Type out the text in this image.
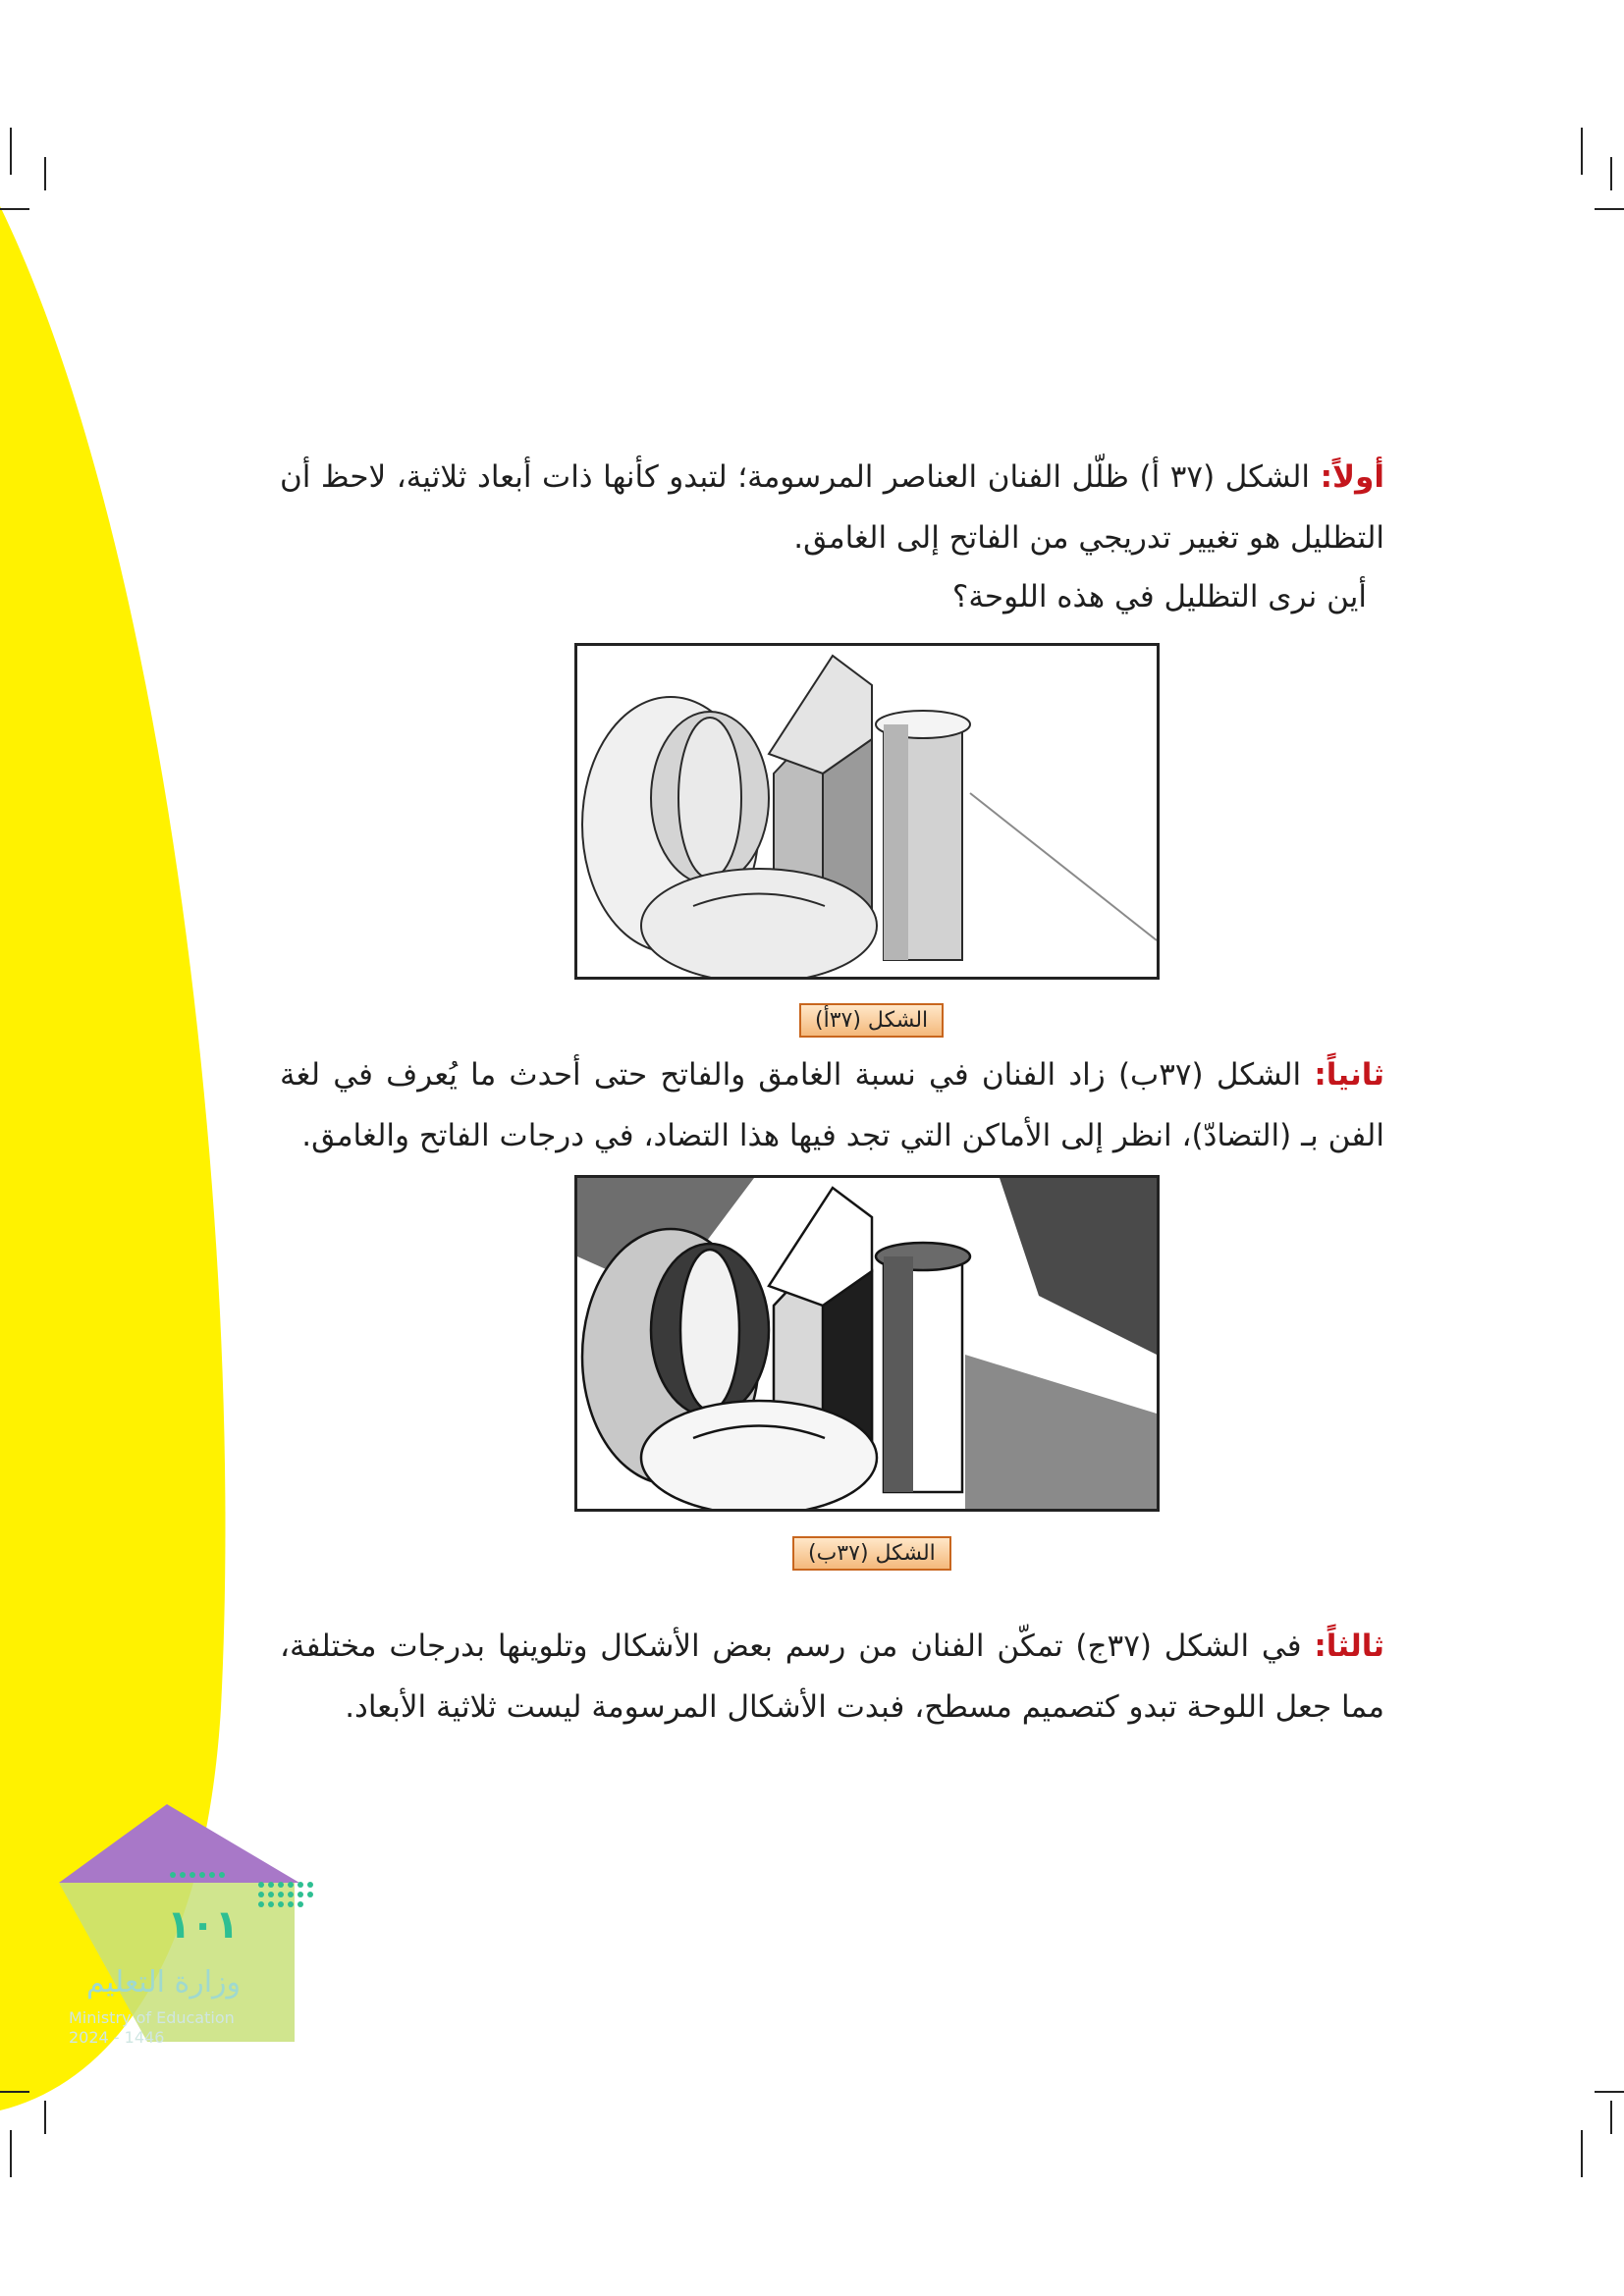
أولاً: الشكل (٣٧ أ) ظلّل الفنان العناصر المرسومة؛ لتبدو كأنها ذات أبعاد ثلاثية، لاحظ أن التظليل هو تغيير تدريجي من الفاتح إلى الغامق.
أين نرى التظليل في هذه اللوحة؟
الشكل (٣٧أ)
ثانياً: الشكل (٣٧ب) زاد الفنان في نسبة الغامق والفاتح حتى أحدث ما يُعرف في لغة الفن بـ (التضادّ)، انظر إلى الأماكن التي تجد فيها هذا التضاد، في درجات الفاتح والغامق.
الشكل (٣٧ب)
ثالثاً: في الشكل (٣٧ج) تمكّن الفنان من رسم بعض الأشكال وتلوينها بدرجات مختلفة، مما جعل اللوحة تبدو كتصميم مسطح، فبدت الأشكال المرسومة ليست ثلاثية الأبعاد.
١٠١
وزارة التعليم
Ministry of Education
2024 - 1446
